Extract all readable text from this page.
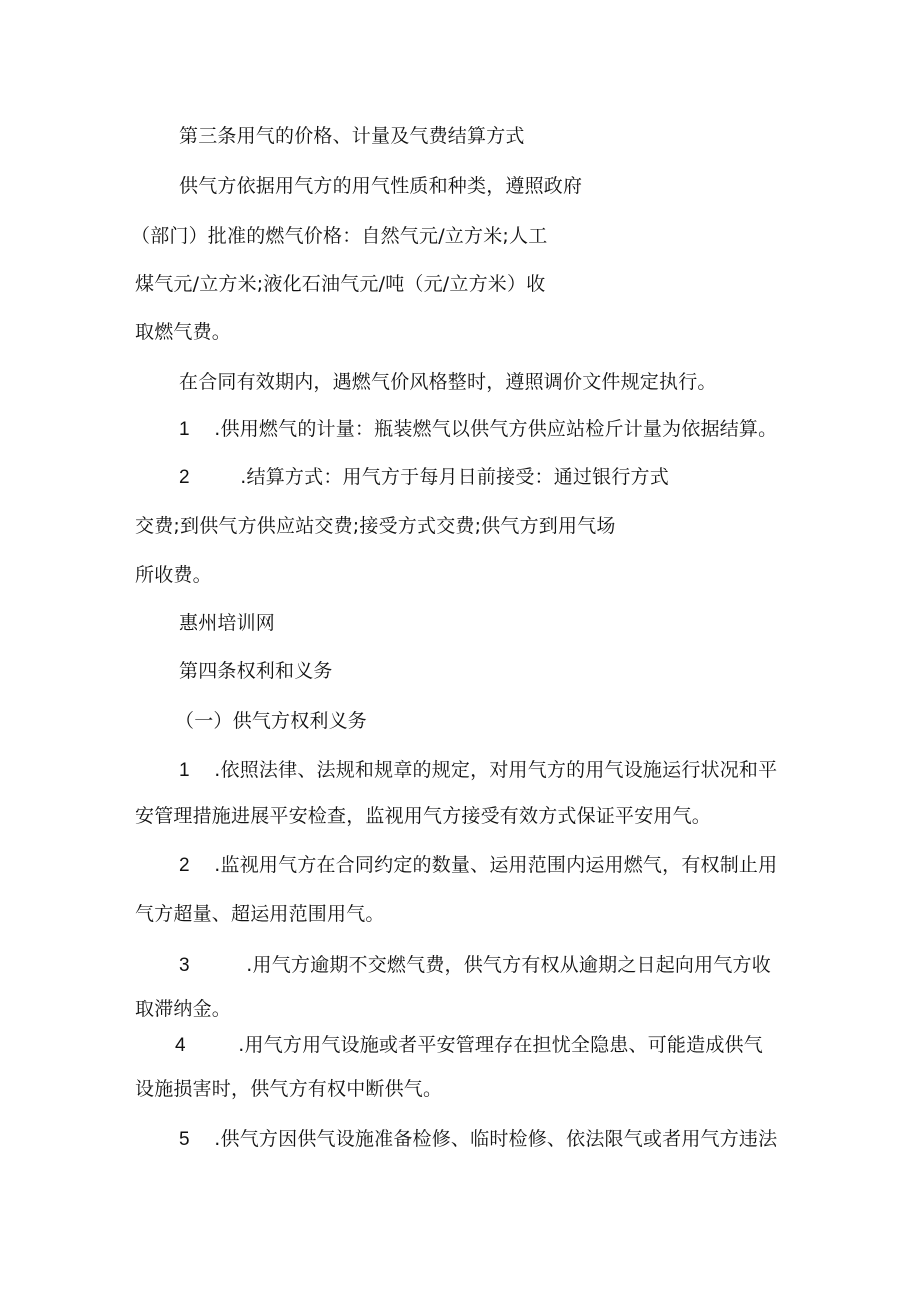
第三条用气的价格、计量及气费结算方式
供气方依据用气方的用气性质和种类，遵照政府
（部门）批准的燃气价格：自然气元/立方米;人工
煤气元/立方米;液化石油气元/吨（元/立方米）收
取燃气费。
在合同有效期内，遇燃气价风格整时，遵照调价文件规定执行。
1 .供用燃气的计量：瓶装燃气以供气方供应站检斤计量为依据结算。
2	.结算方式：用气方于每月日前接受：通过银行方式
交费;到供气方供应站交费;接受方式交费;供气方到用气场
所收费。
惠州培训网
第四条权利和义务
（一）供气方权利义务
1 .依照法律、法规和规章的规定，对用气方的用气设施运行状况和平
安管理措施进展平安检查，监视用气方接受有效方式保证平安用气。
2 .监视用气方在合同约定的数量、运用范围内运用燃气，有权制止用
气方超量、超运用范围用气。
3	.用气方逾期不交燃气费，供气方有权从逾期之日起向用气方收
取滞纳金。
4	.用气方用气设施或者平安管理存在担忧全隐患、可能造成供气
设施损害时，供气方有权中断供气。
5 .供气方因供气设施准备检修、临时检修、依法限气或者用气方违法
